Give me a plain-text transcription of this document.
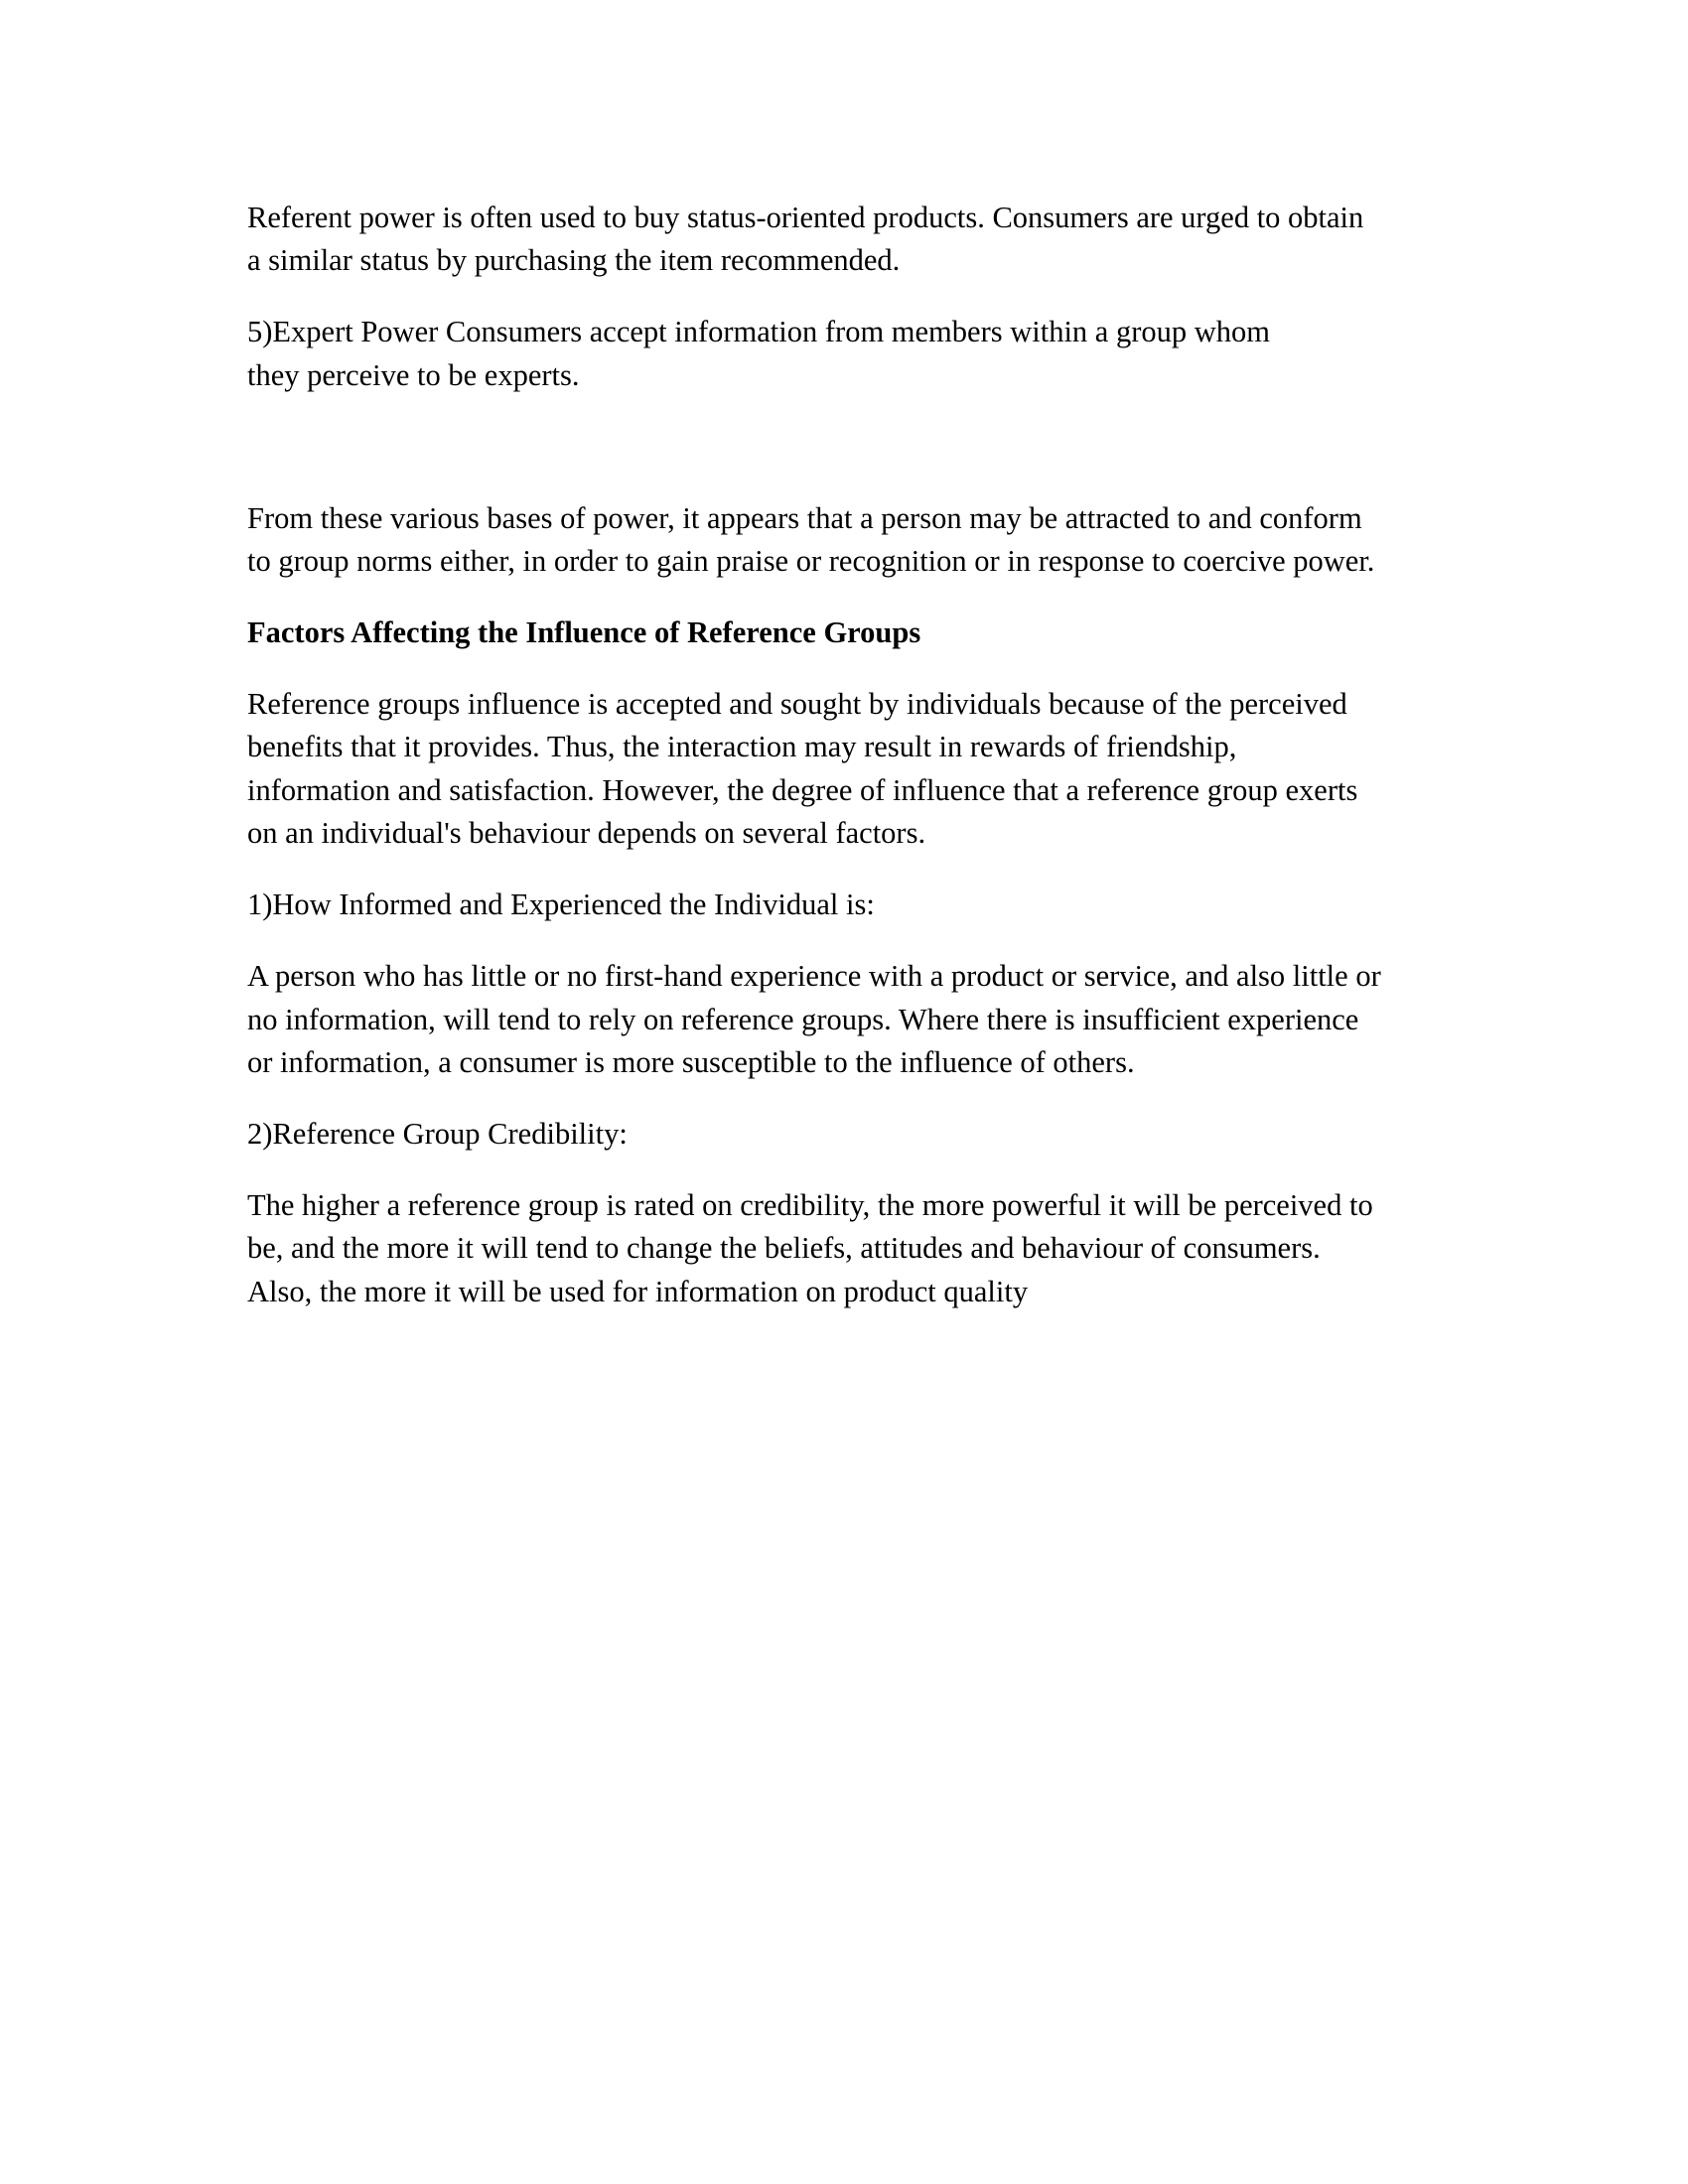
Referent power is often used to buy status-oriented products. Consumers are urged to obtain
a similar status by purchasing the item recommended.

5)Expert Power Consumers accept information from members within a group whom
they perceive to be experts.

From these various bases of power, it appears that a person may be attracted to and conform
to group norms either, in order to gain praise or recognition or in response to coercive power.

Factors Affecting the Influence of Reference Groups

Reference groups influence is accepted and sought by individuals because of the perceived
benefits that it provides. Thus, the interaction may result in rewards of friendship,
information and satisfaction. However, the degree of influence that a reference group exerts
on an individual's behaviour depends on several factors.

1)How Informed and Experienced the Individual is:

A person who has little or no first-hand experience with a product or service, and also little or
no information, will tend to rely on reference groups. Where there is insufficient experience
or information, a consumer is more susceptible to the influence of others.

2)Reference Group Credibility:

The higher a reference group is rated on credibility, the more powerful it will be perceived to
be, and the more it will tend to change the beliefs, attitudes and behaviour of consumers.
Also, the more it will be used for information on product quality
